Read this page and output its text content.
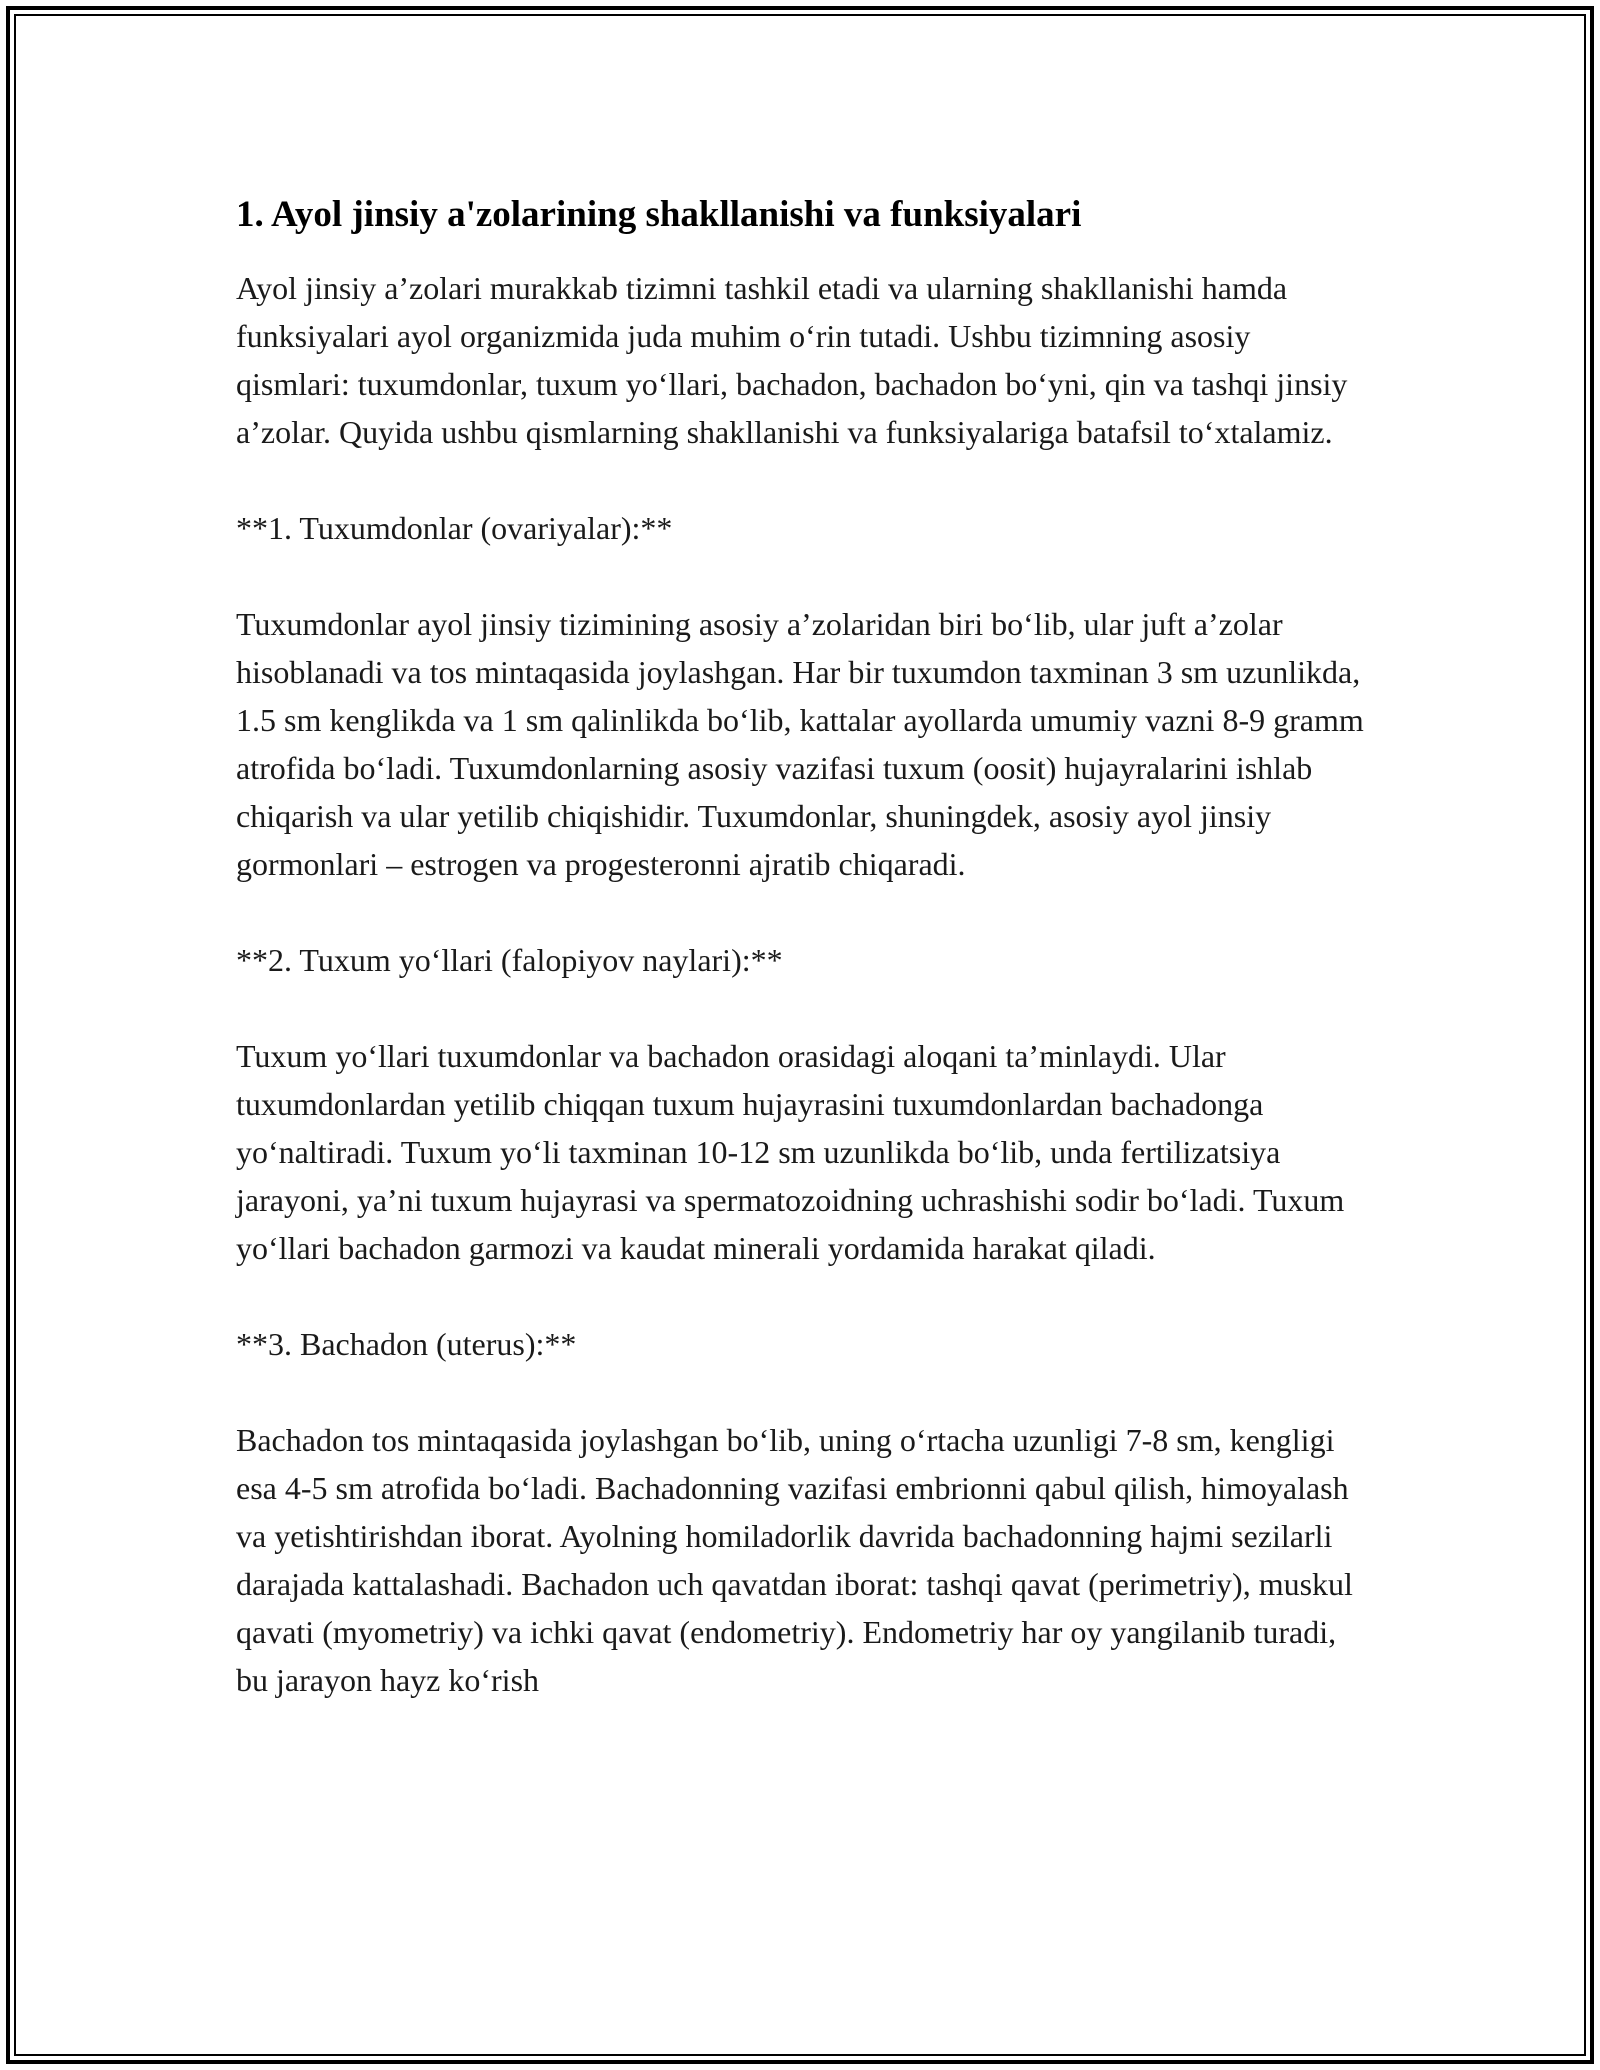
1. Ayol jinsiy a'zolarining shakllanishi va funksiyalari

Ayol jinsiy a’zolari murakkab tizimni tashkil etadi va ularning shakllanishi hamda funksiyalari ayol organizmida juda muhim o‘rin tutadi. Ushbu tizimning asosiy qismlari: tuxumdonlar, tuxum yo‘llari, bachadon, bachadon bo‘yni, qin va tashqi jinsiy a’zolar. Quyida ushbu qismlarning shakllanishi va funksiyalariga batafsil to‘xtalamiz.

**1. Tuxumdonlar (ovariyalar):**

Tuxumdonlar ayol jinsiy tizimining asosiy a’zolaridan biri bo‘lib, ular juft a’zolar hisoblanadi va tos mintaqasida joylashgan. Har bir tuxumdon taxminan 3 sm uzunlikda, 1.5 sm kenglikda va 1 sm qalinlikda bo‘lib, kattalar ayollarda umumiy vazni 8-9 gramm atrofida bo‘ladi. Tuxumdonlarning asosiy vazifasi tuxum (oosit) hujayralarini ishlab chiqarish va ular yetilib chiqishidir. Tuxumdonlar, shuningdek, asosiy ayol jinsiy gormonlari – estrogen va progesteronni ajratib chiqaradi.

**2. Tuxum yo‘llari (falopiyov naylari):**

Tuxum yo‘llari tuxumdonlar va bachadon orasidagi aloqani ta’minlaydi. Ular tuxumdonlardan yetilib chiqqan tuxum hujayrasini tuxumdonlardan bachadonga yo‘naltiradi. Tuxum yo‘li taxminan 10-12 sm uzunlikda bo‘lib, unda fertilizatsiya jarayoni, ya’ni tuxum hujayrasi va spermatozoidning uchrashishi sodir bo‘ladi. Tuxum yo‘llari bachadon garmozi va kaudat minerali yordamida harakat qiladi.

**3. Bachadon (uterus):**

Bachadon tos mintaqasida joylashgan bo‘lib, uning o‘rtacha uzunligi 7-8 sm, kengligi esa 4-5 sm atrofida bo‘ladi. Bachadonning vazifasi embrionni qabul qilish, himoyalash va yetishtirishdan iborat. Ayolning homiladorlik davrida bachadonning hajmi sezilarli darajada kattalashadi. Bachadon uch qavatdan iborat: tashqi qavat (perimetriy), muskul qavati (myometriy) va ichki qavat (endometriy). Endometriy har oy yangilanib turadi, bu jarayon hayz ko‘rish
